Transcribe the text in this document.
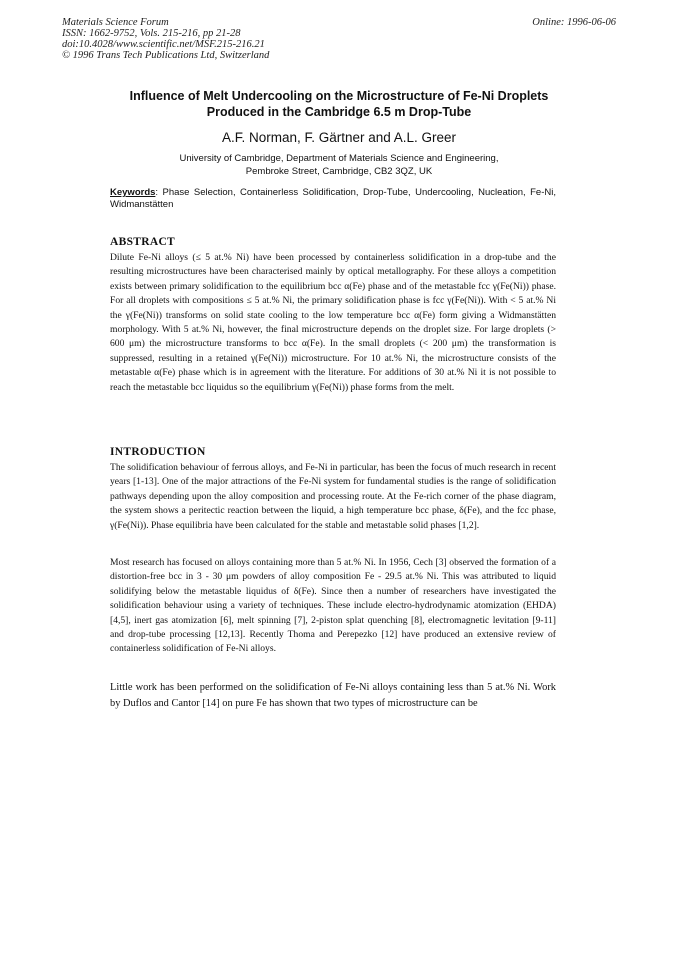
Materials Science Forum
ISSN: 1662-9752, Vols. 215-216, pp 21-28
doi:10.4028/www.scientific.net/MSF.215-216.21
© 1996 Trans Tech Publications Ltd, Switzerland
Online: 1996-06-06
Influence of Melt Undercooling on the Microstructure of Fe-Ni Droplets
Produced in the Cambridge 6.5 m Drop-Tube
A.F. Norman, F. Gärtner and A.L. Greer
University of Cambridge, Department of Materials Science and Engineering,
Pembroke Street, Cambridge, CB2 3QZ, UK
Keywords: Phase Selection, Containerless Solidification, Drop-Tube, Undercooling, Nucleation, Fe-Ni, Widmanstätten
ABSTRACT
Dilute Fe-Ni alloys (≤ 5 at.% Ni) have been processed by containerless solidification in a drop-tube and the resulting microstructures have been characterised mainly by optical metallography. For these alloys a competition exists between primary solidification to the equilibrium bcc α(Fe) phase and of the metastable fcc γ(Fe(Ni)) phase. For all droplets with compositions ≤ 5 at.% Ni, the primary solidification phase is fcc γ(Fe(Ni)). With < 5 at.% Ni the γ(Fe(Ni)) transforms on solid state cooling to the low temperature bcc α(Fe) form giving a Widmanstätten morphology. With 5 at.% Ni, however, the final microstructure depends on the droplet size. For large droplets (> 600 μm) the microstructure transforms to bcc α(Fe). In the small droplets (< 200 μm) the transformation is suppressed, resulting in a retained γ(Fe(Ni)) microstructure. For 10 at.% Ni, the microstructure consists of the metastable α(Fe) phase which is in agreement with the literature. For additions of 30 at.% Ni it is not possible to reach the metastable bcc liquidus so the equilibrium γ(Fe(Ni)) phase forms from the melt.
INTRODUCTION
The solidification behaviour of ferrous alloys, and Fe-Ni in particular, has been the focus of much research in recent years [1-13]. One of the major attractions of the Fe-Ni system for fundamental studies is the range of solidification pathways depending upon the alloy composition and processing route. At the Fe-rich corner of the phase diagram, the system shows a peritectic reaction between the liquid, a high temperature bcc phase, δ(Fe), and the fcc phase, γ(Fe(Ni)). Phase equilibria have been calculated for the stable and metastable solid phases [1,2].
Most research has focused on alloys containing more than 5 at.% Ni. In 1956, Cech [3] observed the formation of a distortion-free bcc in 3 - 30 μm powders of alloy composition Fe - 29.5 at.% Ni. This was attributed to liquid solidifying below the metastable liquidus of δ(Fe). Since then a number of researchers have investigated the solidification behaviour using a variety of techniques. These include electro-hydrodynamic atomization (EHDA) [4,5], inert gas atomization [6], melt spinning [7], 2-piston splat quenching [8], electromagnetic levitation [9-11] and drop-tube processing [12,13]. Recently Thoma and Perepezko [12] have produced an extensive review of containerless solidification of Fe-Ni alloys.
Little work has been performed on the solidification of Fe-Ni alloys containing less than 5 at.% Ni. Work by Duflos and Cantor [14] on pure Fe has shown that two types of microstructure can be
